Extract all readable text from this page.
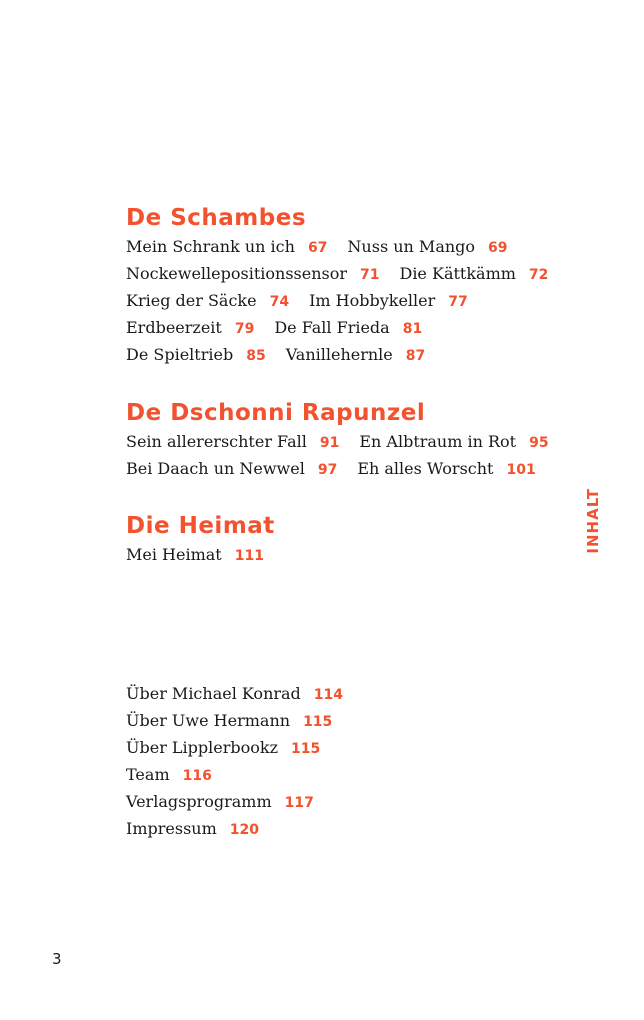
De Schambes
Mein Schrank un ich 67 Nuss un Mango 69
Nockewellepositionssensor 71 Die Kättkämm 72
Krieg der Säcke 74 Im Hobbykeller 77
Erdbeerzeit 79 De Fall Frieda 81
De Spieltrieb 85 Vanillehernle 87
De Dschonni Rapunzel
Sein allererschter Fall 91 En Albtraum in Rot 95
Bei Daach un Newwel 97 Eh alles Worscht 101
Die Heimat
Mei Heimat 111
Über Michael Konrad 114
Über Uwe Hermann 115
Über Lipplerbookz 115
Team 116
Verlagsprogramm 117
Impressum 120
INHALT
3
